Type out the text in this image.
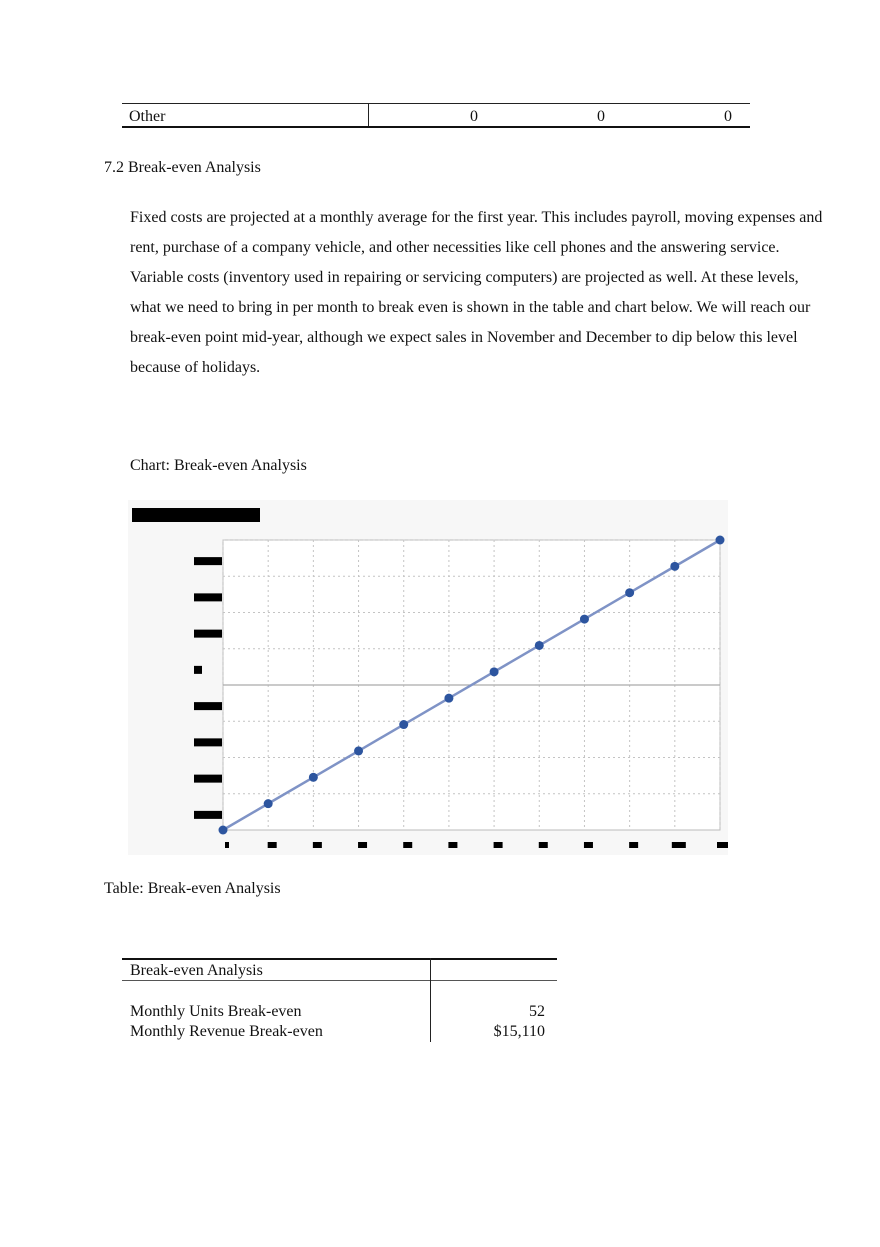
Other	0	0	0
7.2 Break-even Analysis
Fixed costs are projected at a monthly average for the first year. This includes payroll, moving expenses and rent, purchase of a company vehicle, and other necessities like cell phones and the answering service. Variable costs (inventory used in repairing or servicing computers) are projected as well. At these levels, what we need to bring in per month to break even is shown in the table and chart below. We will reach our break-even point mid-year, although we expect sales in November and December to dip below this level because of holidays.
Chart: Break-even Analysis
Table: Break-even Analysis
Break-even Analysis
Monthly Units Break-even	52
Monthly Revenue Break-even	$15,110
